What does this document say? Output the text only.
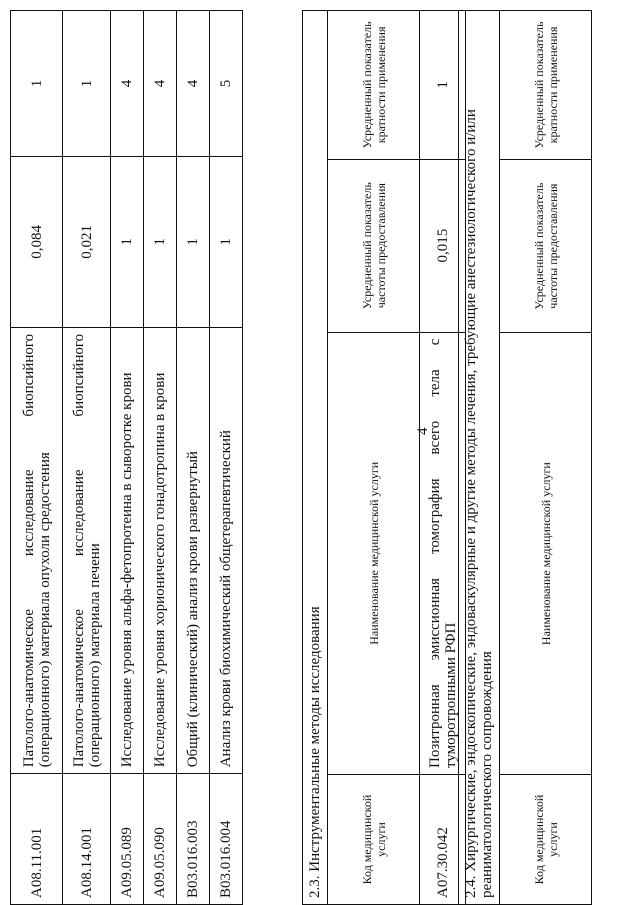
4
A08.11.001	Патолого-анатомическое исследование биопсийного (операционного) материала опухоли средостения	0,084	1
A08.14.001	Патолого-анатомическое исследование биопсийного (операционного) материала печени	0,021	1
A09.05.089	Исследование уровня альфа-фетопротеина в сыворотке крови	1	4
A09.05.090	Исследование уровня хорионического гонадотропина в крови	1	4
B03.016.003	Общий (клинический) анализ крови развернутый	1	4
B03.016.004	Анализ крови биохимический общетерапевтический	1	5
2.3. Инструментальные методы исследования			
Код медицинской услуги	Наименование медицинской услуги	Усредненный показатель частоты предоставления	Усредненный показатель кратности применения
A07.30.042	Позитронная эмиссионная томография всего тела с туморотропными РФП	0,015	1
2.4. Хирургические, эндоскопические, эндоваскулярные и другие методы лечения, требующие анестезиологического и/или реаниматологического сопровождения
Код медицинской услуги	Наименование медицинской услуги	Усредненный показатель частоты предоставления	Усредненный показатель кратности применения
